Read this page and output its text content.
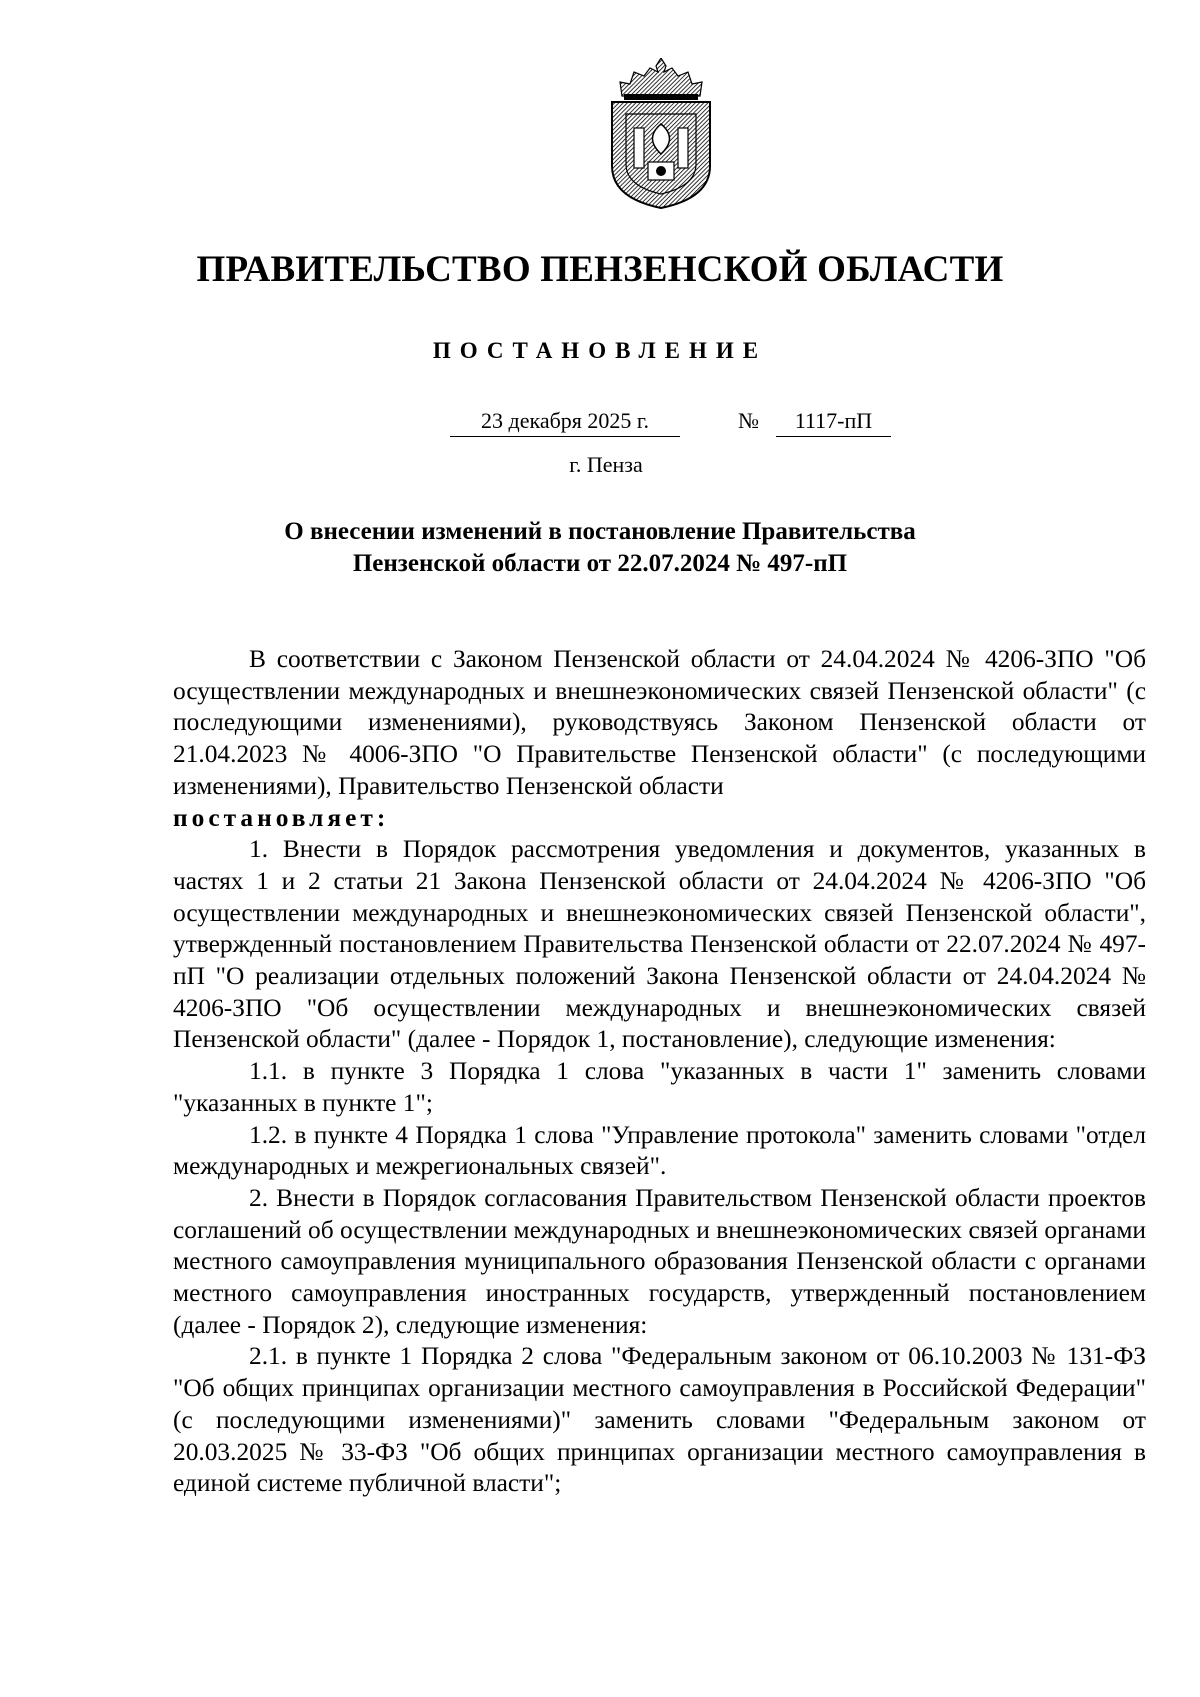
ПРАВИТЕЛЬСТВО ПЕНЗЕНСКОЙ ОБЛАСТИ
ПОСТАНОВЛЕНИЕ
23 декабря 2025 г.	№	1117-пП
г. Пенза
О внесении изменений в постановление Правительства
Пензенской области от 22.07.2024 № 497-пП

В соответствии с Законом Пензенской области от 24.04.2024 № 4206-ЗПО "Об осуществлении международных и внешнеэкономических связей Пензенской области" (с последующими изменениями), руководствуясь Законом Пензенской области от 21.04.2023 № 4006-ЗПО "О Правительстве Пензенской области" (с последующими изменениями), Правительство Пензенской области

постановляет:

1. Внести в Порядок рассмотрения уведомления и документов, указанных в частях 1 и 2 статьи 21 Закона Пензенской области от 24.04.2024 № 4206-ЗПО "Об осуществлении международных и внешнеэкономических связей Пензенской области", утвержденный постановлением Правительства Пензенской области от 22.07.2024 № 497-пП "О реализации отдельных положений Закона Пензенской области от 24.04.2024 № 4206-ЗПО "Об осуществлении международных и внешнеэкономических связей Пензенской области" (далее - Порядок 1, постановление), следующие изменения:

1.1. в пункте 3 Порядка 1 слова "указанных в части 1" заменить словами "указанных в пункте 1";

1.2. в пункте 4 Порядка 1 слова "Управление протокола" заменить словами "отдел международных и межрегиональных связей".

2. Внести в Порядок согласования Правительством Пензенской области проектов соглашений об осуществлении международных и внешнеэкономических связей органами местного самоуправления муниципального образования Пензенской области с органами местного самоуправления иностранных государств, утвержденный постановлением (далее - Порядок 2), следующие изменения:

2.1. в пункте 1 Порядка 2 слова "Федеральным законом от 06.10.2003 № 131-ФЗ "Об общих принципах организации местного самоуправления в Российской Федерации" (с последующими изменениями)" заменить словами "Федеральным законом от 20.03.2025 № 33-ФЗ "Об общих принципах организации местного самоуправления в единой системе публичной власти";
